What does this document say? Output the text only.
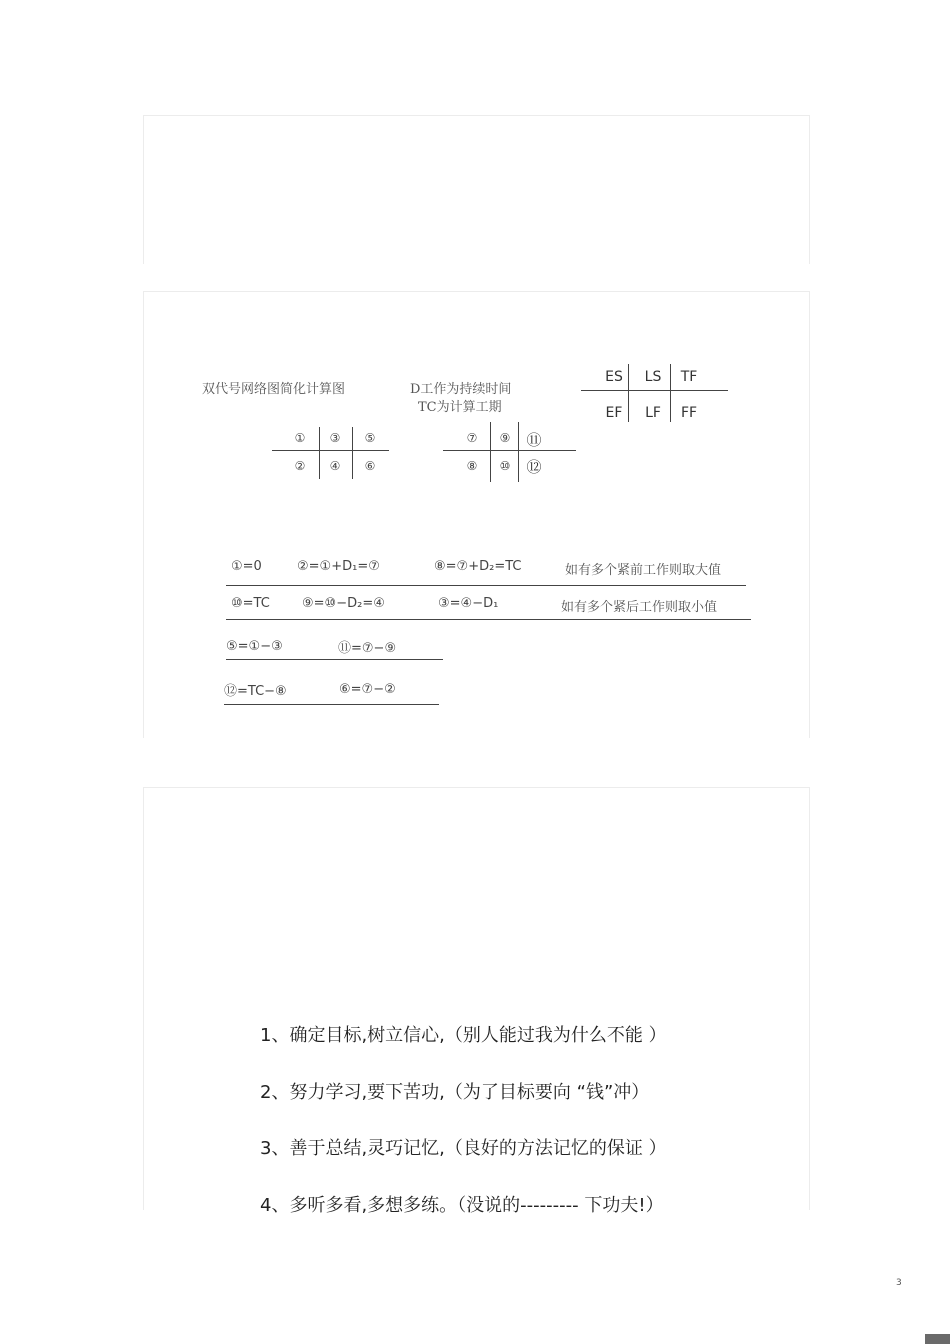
双代号网络图简化计算图	D工作为持续时间
TC为计算工期
①	③	⑤
②	④	⑥
⑦	⑨	⑪
⑧	⑩	⑫
ES	LS	TF
EF	LF	FF
①=0	②=①+D₁=⑦	⑧=⑦+D₂=TC	如有多个紧前工作则取大值
⑩=TC ⑨=⑩−D₂=④	③=④−D₁	如有多个紧后工作则取小值
⑤=①−③	⑪=⑦−⑨
⑫=TC−⑧	⑥=⑦−②
1、确定目标,树立信心,（别人能过我为什么不能 ）
2、努力学习,要下苦功,（为了目标要向 “钱”冲）
3、善于总结,灵巧记忆,（良好的方法记忆的保证 ）
4、多听多看,多想多练。（没说的--------- 下功夫!）
3
